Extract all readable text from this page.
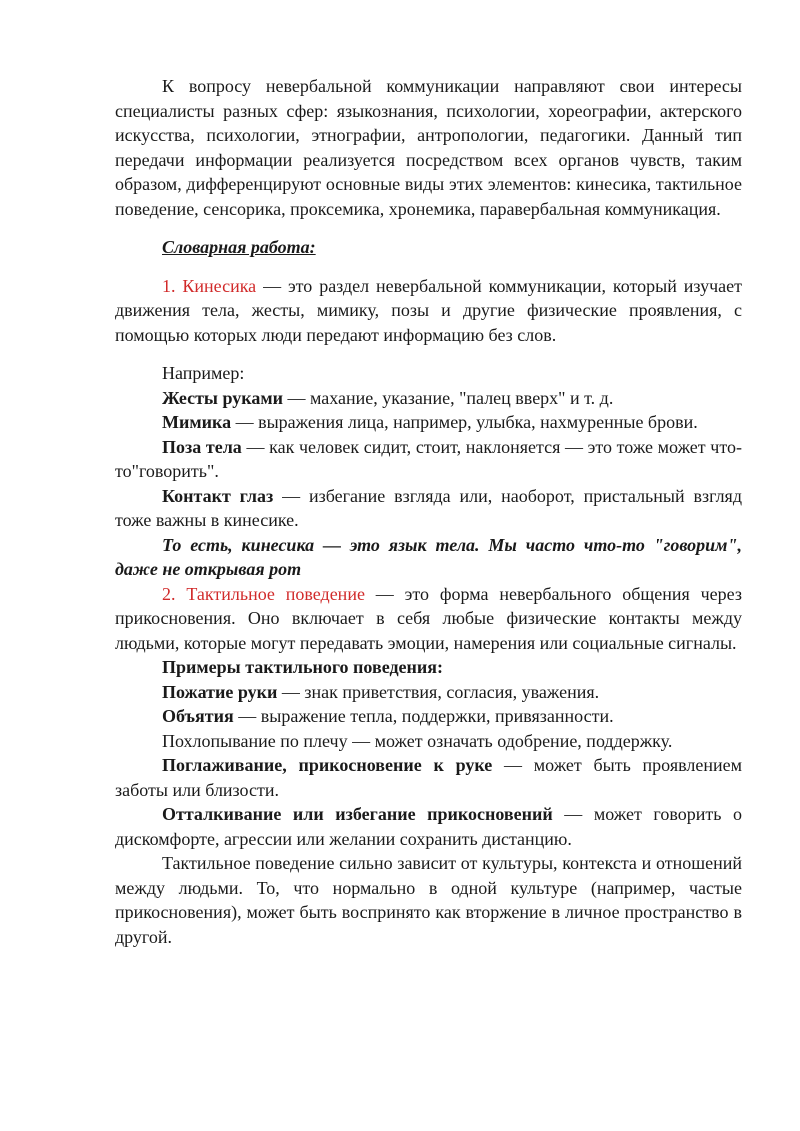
К вопросу невербальной коммуникации направляют свои интересы специалисты разных сфер: языкознания, психологии, хореографии, актерского искусства, психологии, этнографии, антропологии, педагогики. Данный тип передачи информации реализуется посредством всех органов чувств, таким образом, дифференцируют основные виды этих элементов: кинесика, тактильное поведение, сенсорика, проксемика, хронемика, паравербальная коммуникация.

Словарная работа:

1. Кинесика — это раздел невербальной коммуникации, который изучает движения тела, жесты, мимику, позы и другие физические проявления, с помощью которых люди передают информацию без слов.

Например:

Жесты руками — махание, указание, "палец вверх" и т. д.

Мимика — выражения лица, например, улыбка, нахмуренные брови.

Поза тела — как человек сидит, стоит, наклоняется — это тоже может что-то"говорить".

Контакт глаз — избегание взгляда или, наоборот, пристальный взгляд тоже важны в кинесике.

То есть, кинесика — это язык тела. Мы часто что-то "говорим", даже не открывая рот

2. Тактильное поведение — это форма невербального общения через прикосновения. Оно включает в себя любые физические контакты между людьми, которые могут передавать эмоции, намерения или социальные сигналы.

Примеры тактильного поведения:

Пожатие руки — знак приветствия, согласия, уважения.

Объятия — выражение тепла, поддержки, привязанности.

Похлопывание по плечу — может означать одобрение, поддержку.

Поглаживание, прикосновение к руке — может быть проявлением заботы или близости.

Отталкивание или избегание прикосновений — может говорить о дискомфорте, агрессии или желании сохранить дистанцию.

Тактильное поведение сильно зависит от культуры, контекста и отношений между людьми. То, что нормально в одной культуре (например, частые прикосновения), может быть воспринято как вторжение в личное пространство в другой.
